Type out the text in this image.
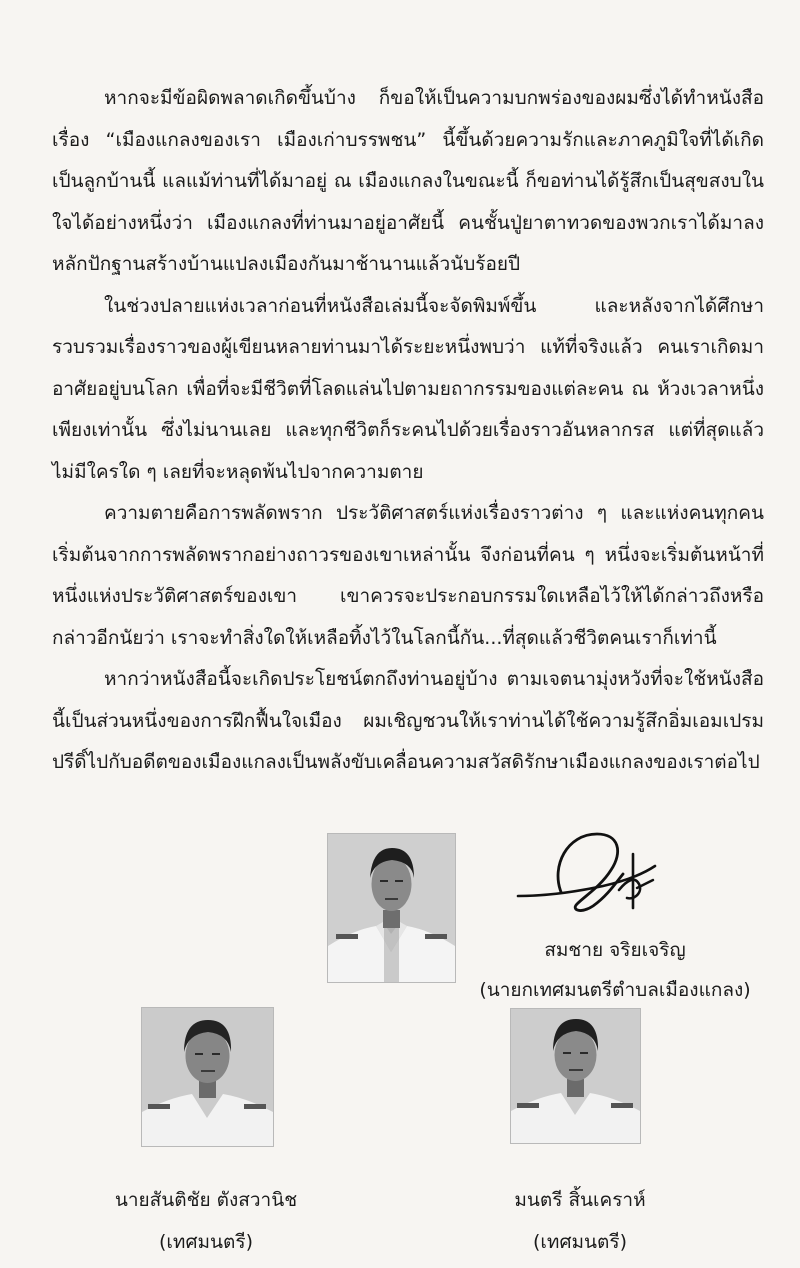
หากจะมีข้อผิดพลาดเกิดขึ้นบ้าง ก็ขอให้เป็นความบกพร่องของผมซึ่งได้ทำหนังสือเรื่อง “เมืองแกลงของเรา เมืองเก่าบรรพชน” นี้ขึ้นด้วยความรักและภาคภูมิใจที่ได้เกิดเป็นลูกบ้านนี้ แลแม้ท่านที่ได้มาอยู่ ณ เมืองแกลงในขณะนี้ ก็ขอท่านได้รู้สึกเป็นสุขสงบในใจได้อย่างหนึ่งว่า เมืองแกลงที่ท่านมาอยู่อาศัยนี้ คนชั้นปู่ยาตาทวดของพวกเราได้มาลงหลักปักฐานสร้างบ้านแปลงเมืองกันมาช้านานแล้วนับร้อยปี

ในช่วงปลายแห่งเวลาก่อนที่หนังสือเล่มนี้จะจัดพิมพ์ขึ้น และหลังจากได้ศึกษารวบรวมเรื่องราวของผู้เขียนหลายท่านมาได้ระยะหนึ่งพบว่า แท้ที่จริงแล้ว คนเราเกิดมาอาศัยอยู่บนโลก เพื่อที่จะมีชีวิตที่โลดแล่นไปตามยถากรรมของแต่ละคน ณ ห้วงเวลาหนึ่งเพียงเท่านั้น ซึ่งไม่นานเลย และทุกชีวิตก็ระคนไปด้วยเรื่องราวอันหลากรส แต่ที่สุดแล้ว ไม่มีใครใด ๆ เลยที่จะหลุดพ้นไปจากความตาย

ความตายคือการพลัดพราก ประวัติศาสตร์แห่งเรื่องราวต่าง ๆ และแห่งคนทุกคน เริ่มต้นจากการพลัดพรากอย่างถาวรของเขาเหล่านั้น จึงก่อนที่คน ๆ หนึ่งจะเริ่มต้นหน้าที่หนึ่งแห่งประวัติศาสตร์ของเขา เขาควรจะประกอบกรรมใดเหลือไว้ให้ได้กล่าวถึงหรือกล่าวอีกนัยว่า เราจะทำสิ่งใดให้เหลือทิ้งไว้ในโลกนี้กัน...ที่สุดแล้วชีวิตคนเราก็เท่านี้

หากว่าหนังสือนี้จะเกิดประโยชน์ตกถึงท่านอยู่บ้าง ตามเจตนามุ่งหวังที่จะใช้หนังสือนี้เป็นส่วนหนึ่งของการฝึกฟื้นใจเมือง ผมเชิญชวนให้เราท่านได้ใช้ความรู้สึกอิ่มเอมเปรมปรีดิ์ไปกับอดีตของเมืองแกลงเป็นพลังขับเคลื่อนความสวัสดิรักษาเมืองแกลงของเราต่อไป

สมชาย จริยเจริญ
(นายกเทศมนตรีตำบลเมืองแกลง)
นายสันติชัย ตังสวานิช
(เทศมนตรี)
มนตรี สิ้นเคราห์
(เทศมนตรี)
